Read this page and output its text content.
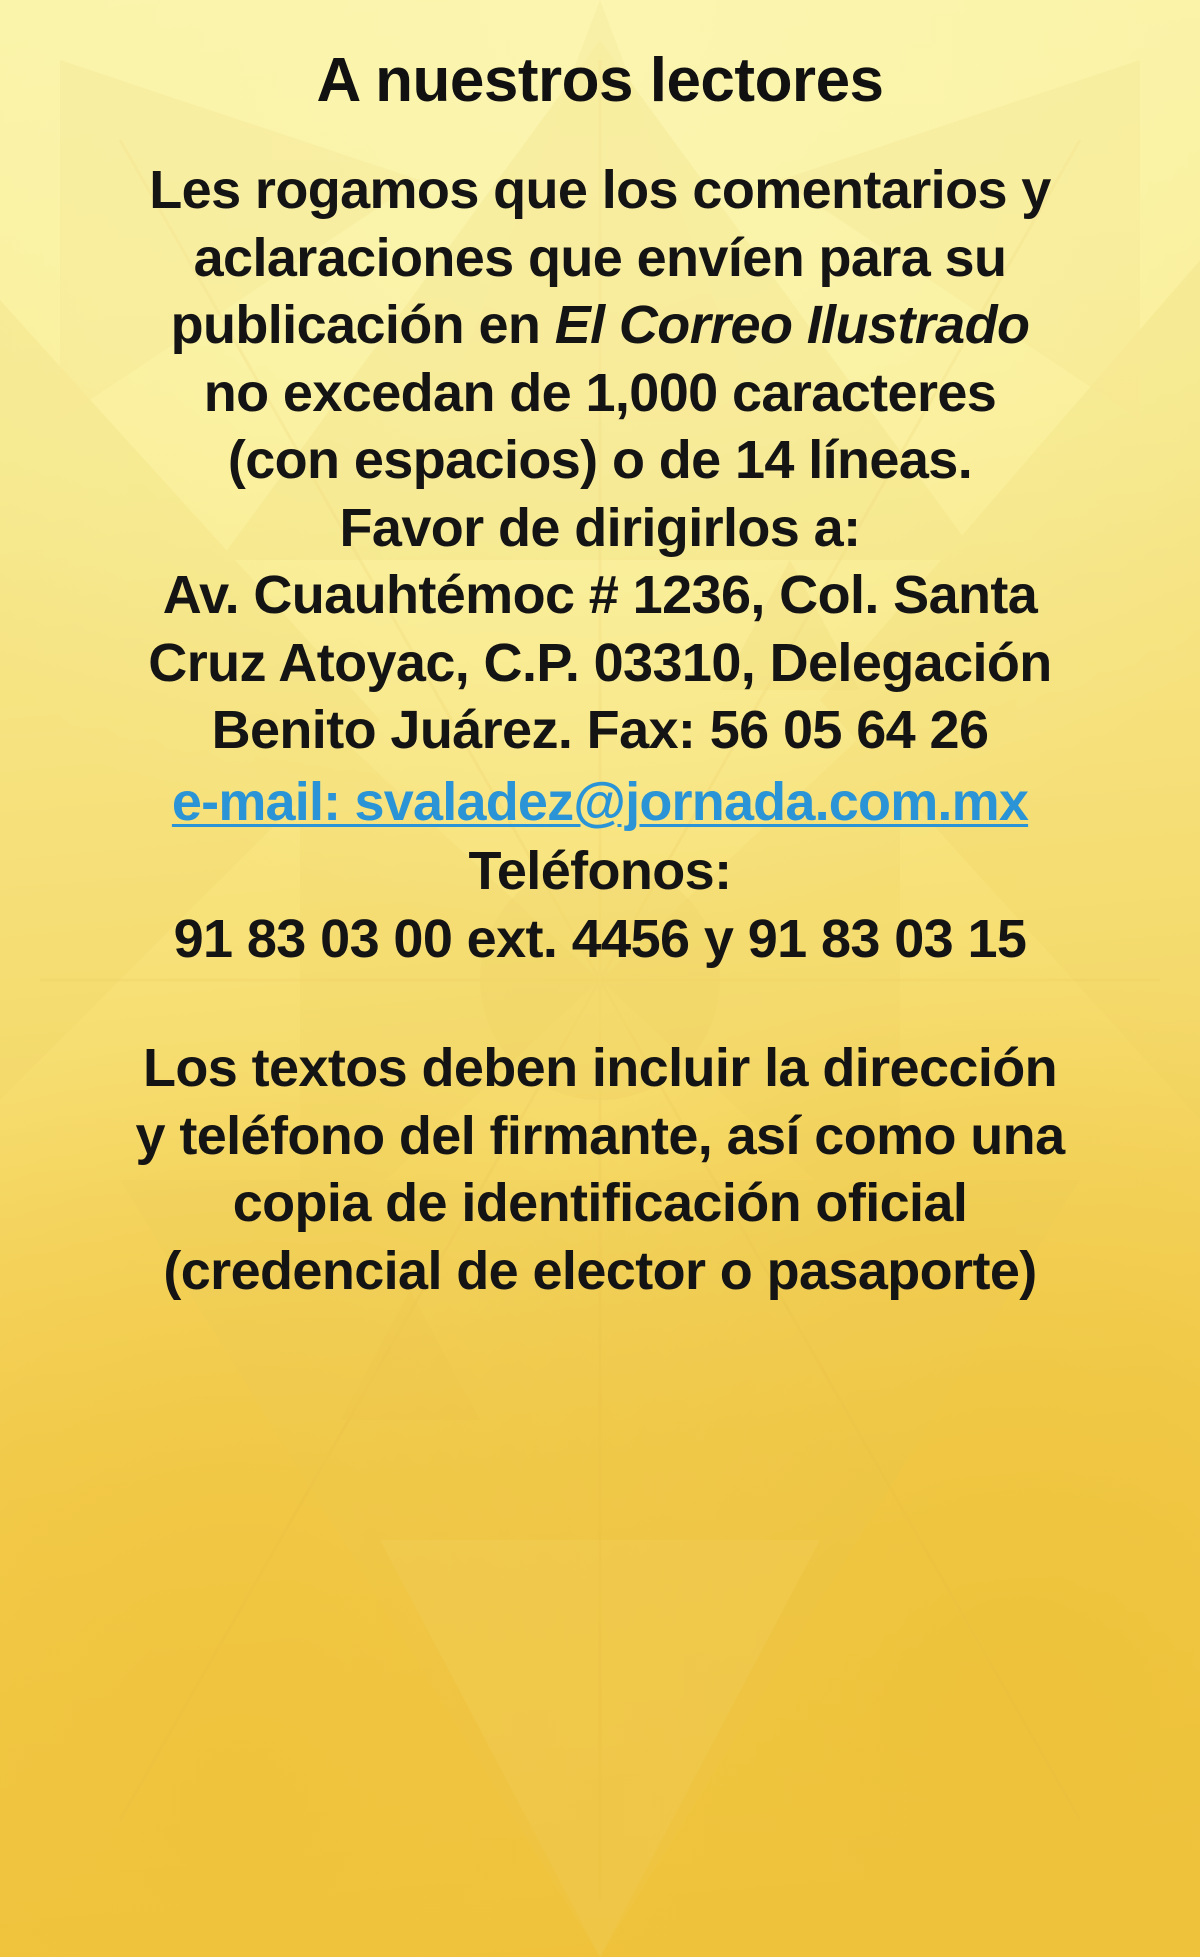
A nuestros lectores

Les rogamos que los comentarios y
aclaraciones que envíen para su
publicación en El Correo Ilustrado
no excedan de 1,000 caracteres
(con espacios) o de 14 líneas.
Favor de dirigirlos a:
Av. Cuauhtémoc # 1236, Col. Santa
Cruz Atoyac, C.P. 03310, Delegación
Benito Juárez. Fax: 56 05 64 26
e-mail: svaladez@jornada.com.mx
Teléfonos:
91 83 03 00 ext. 4456 y 91 83 03 15

Los textos deben incluir la dirección
y teléfono del firmante, así como una
copia de identificación oficial
(credencial de elector o pasaporte)
